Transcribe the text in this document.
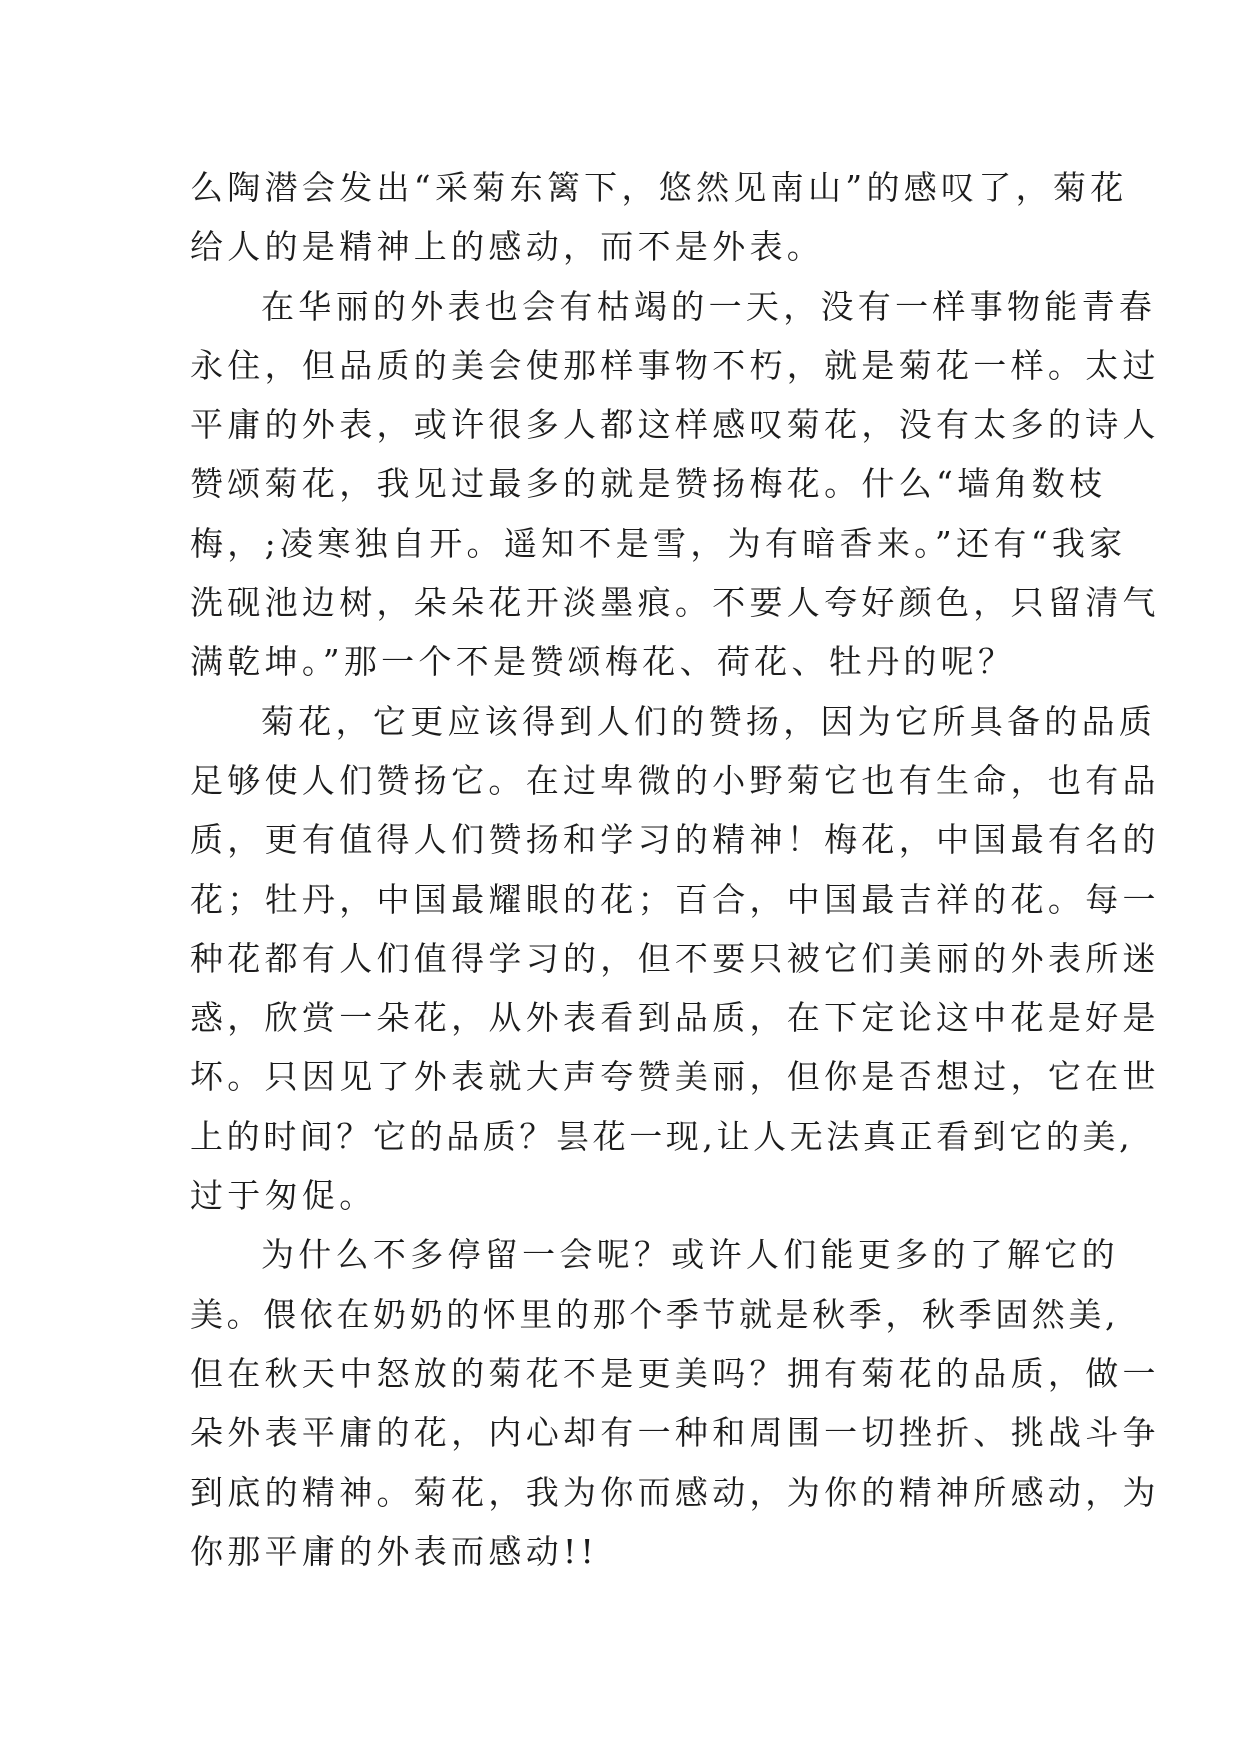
么陶潜会发出“采菊东篱下，悠然见南山”的感叹了，菊花
给人的是精神上的感动，而不是外表。
在华丽的外表也会有枯竭的一天，没有一样事物能青春
永住，但品质的美会使那样事物不朽，就是菊花一样。太过
平庸的外表，或许很多人都这样感叹菊花，没有太多的诗人
赞颂菊花，我见过最多的就是赞扬梅花。什么“墙角数枝
梅，;凌寒独自开。遥知不是雪，为有暗香来。”还有“我家
洗砚池边树，朵朵花开淡墨痕。不要人夸好颜色，只留清气
满乾坤。”那一个不是赞颂梅花、荷花、牡丹的呢？
菊花，它更应该得到人们的赞扬，因为它所具备的品质
足够使人们赞扬它。在过卑微的小野菊它也有生命，也有品
质，更有值得人们赞扬和学习的精神！梅花，中国最有名的
花；牡丹，中国最耀眼的花；百合，中国最吉祥的花。每一
种花都有人们值得学习的，但不要只被它们美丽的外表所迷
惑，欣赏一朵花，从外表看到品质，在下定论这中花是好是
坏。只因见了外表就大声夸赞美丽，但你是否想过，它在世
上的时间？它的品质？昙花一现,让人无法真正看到它的美,
过于匆促。
为什么不多停留一会呢？或许人们能更多的了解它的
美。偎依在奶奶的怀里的那个季节就是秋季，秋季固然美,
但在秋天中怒放的菊花不是更美吗？拥有菊花的品质，做一
朵外表平庸的花，内心却有一种和周围一切挫折、挑战斗争
到底的精神。菊花，我为你而感动，为你的精神所感动，为
你那平庸的外表而感动!!
